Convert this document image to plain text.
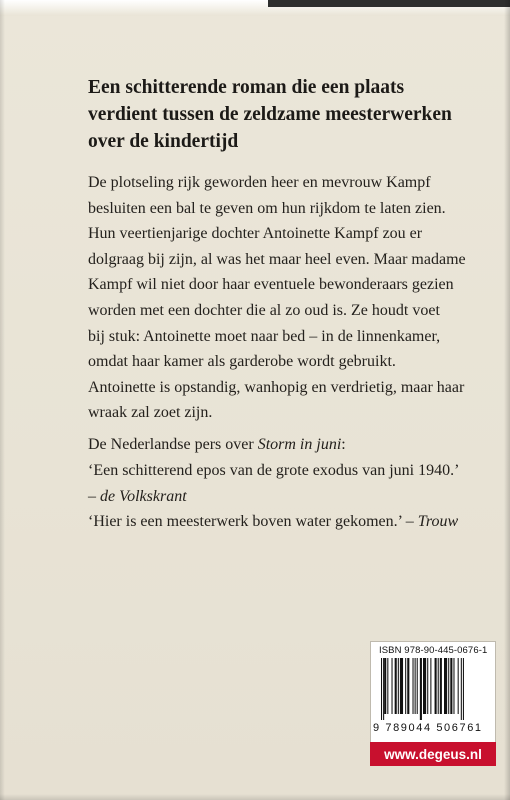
Een schitterende roman die een plaats
verdient tussen de zeldzame meesterwerken
over de kindertijd
De plotseling rijk geworden heer en mevrouw Kampf
besluiten een bal te geven om hun rijkdom te laten zien.
Hun veertienjarige dochter Antoinette Kampf zou er
dolgraag bij zijn, al was het maar heel even. Maar madame
Kampf wil niet door haar eventuele bewonderaars gezien
worden met een dochter die al zo oud is. Ze houdt voet
bij stuk: Antoinette moet naar bed – in de linnenkamer,
omdat haar kamer als garderobe wordt gebruikt.
Antoinette is opstandig, wanhopig en verdrietig, maar haar
wraak zal zoet zijn.
De Nederlandse pers over Storm in juni:
‘Een schitterend epos van de grote exodus van juni 1940.’
– de Volkskrant
‘Hier is een meesterwerk boven water gekomen.’ – Trouw
ISBN 978-90-445-0676-1
9 789044 506761
www.degeus.nl
